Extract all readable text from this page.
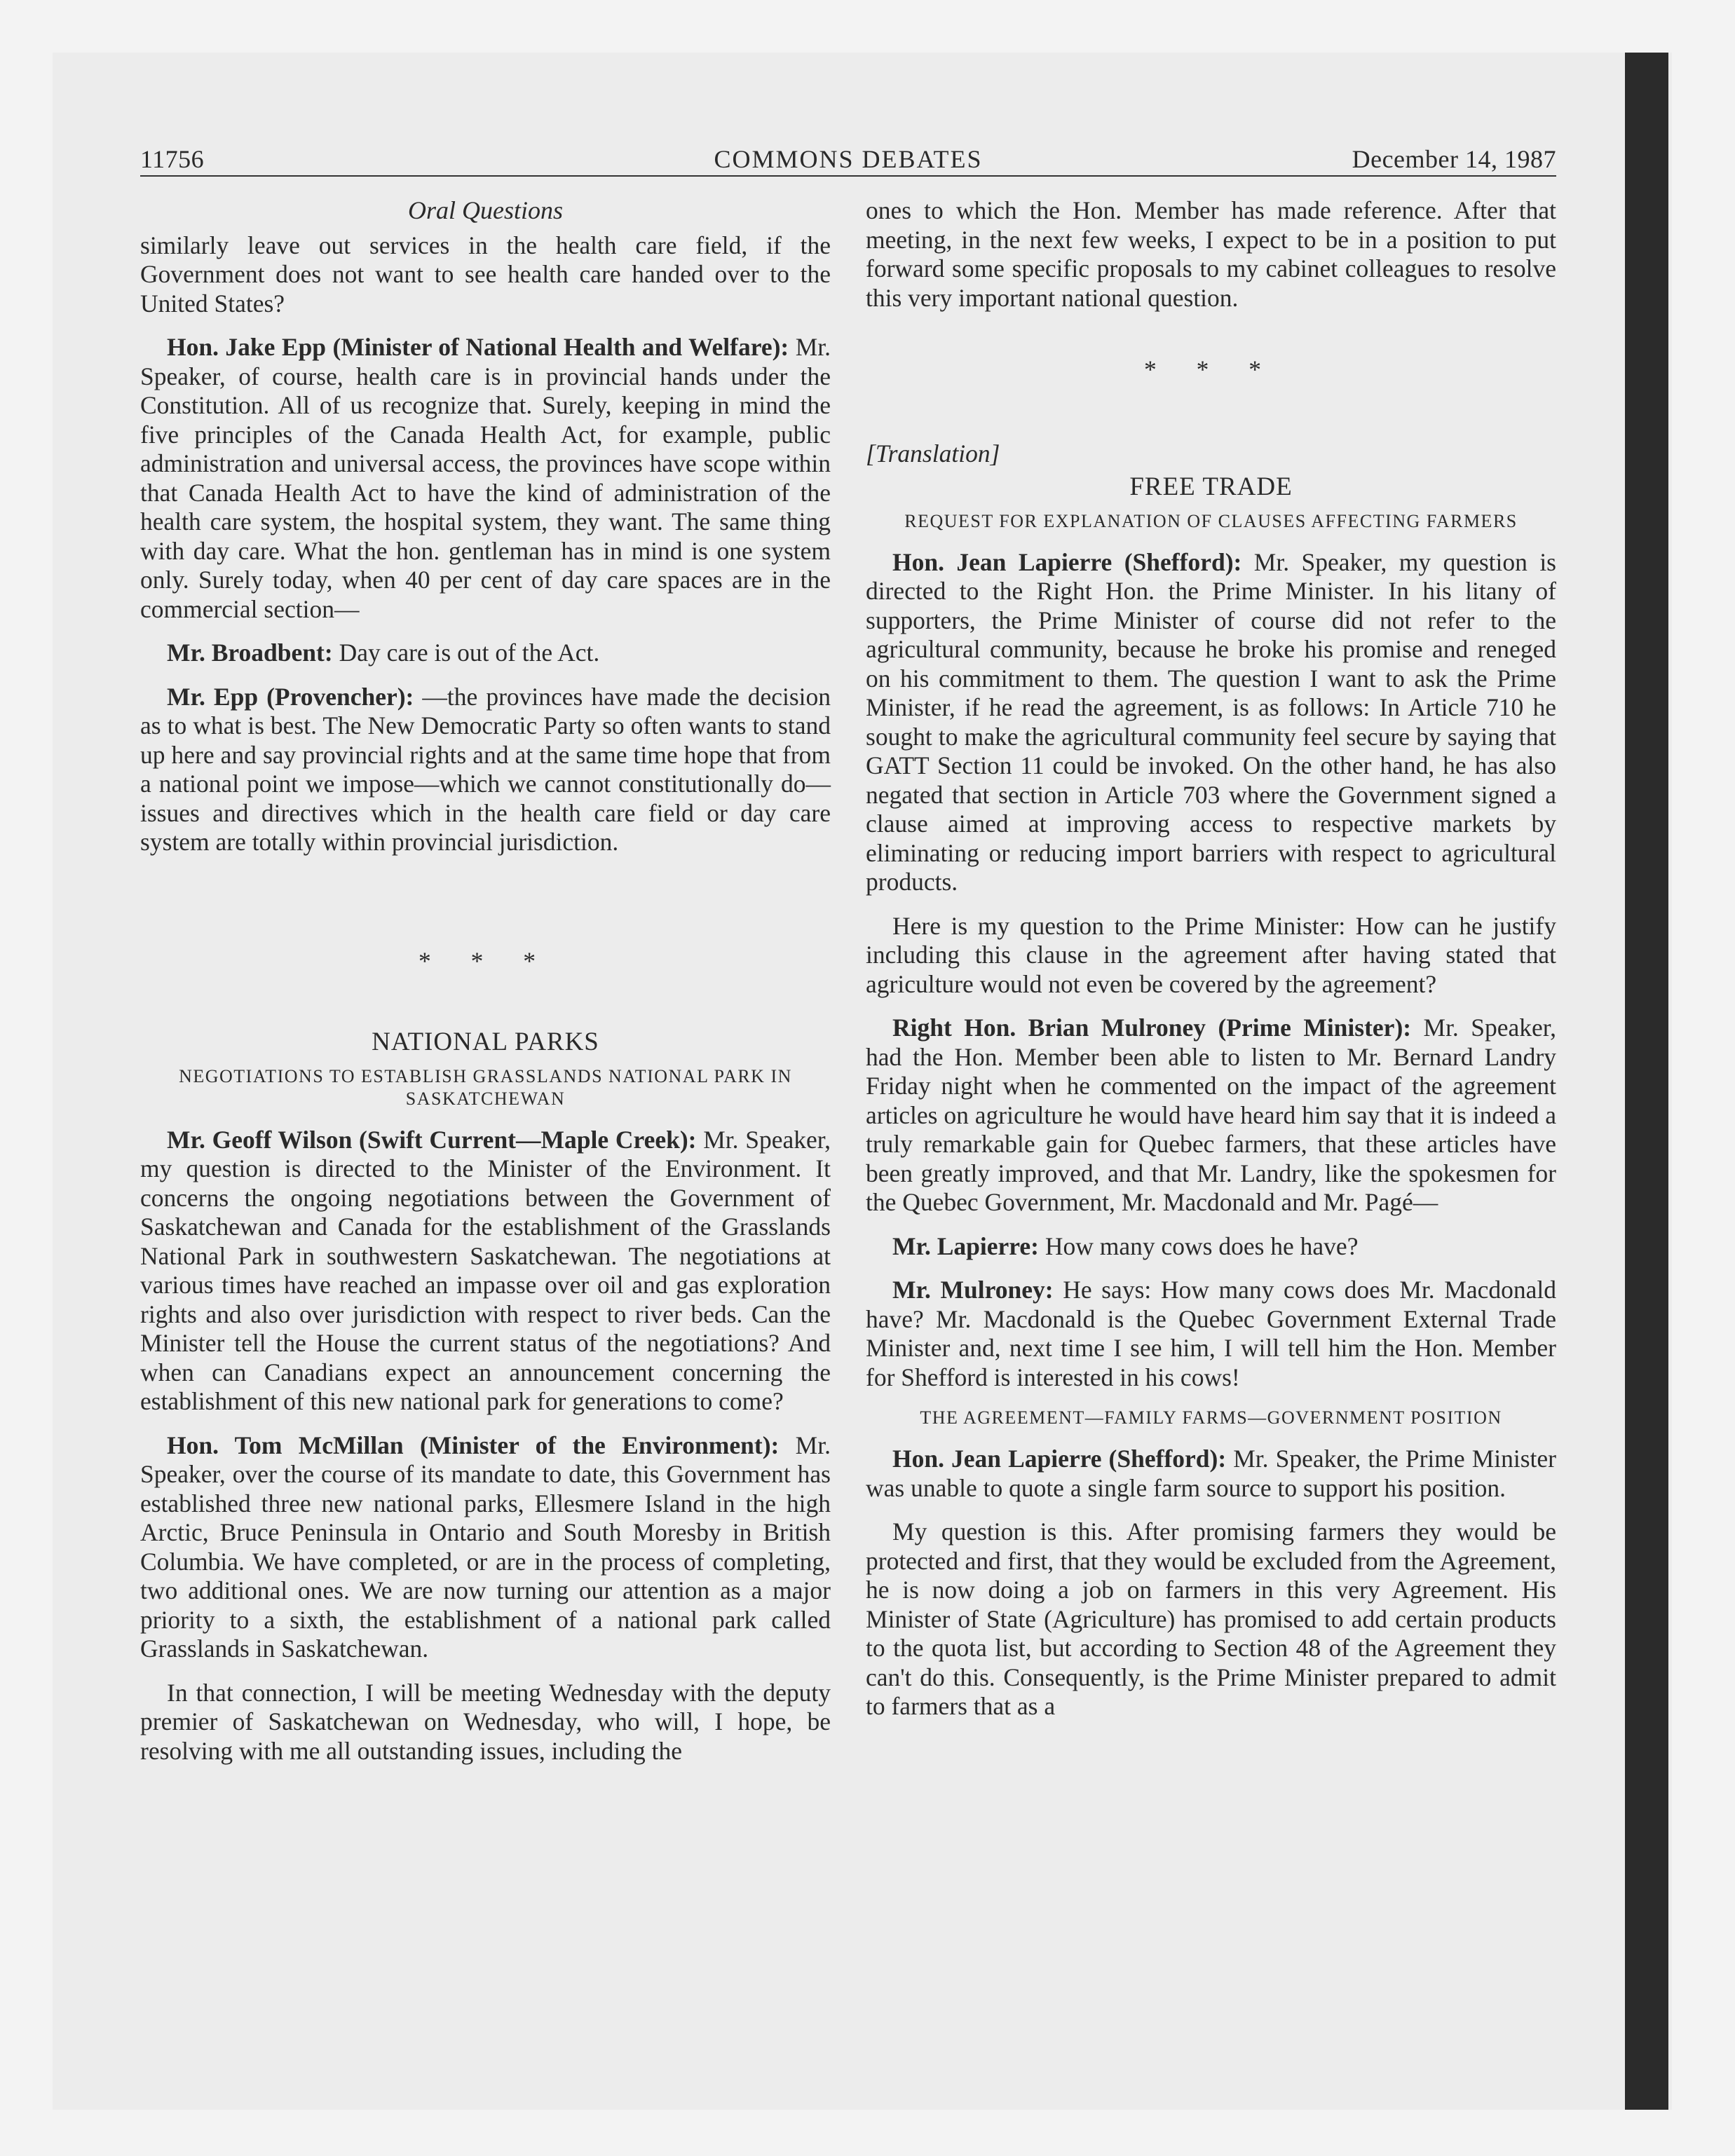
11756	COMMONS DEBATES	December 14, 1987
Oral Questions

similarly leave out services in the health care field, if the Government does not want to see health care handed over to the United States?

Hon. Jake Epp (Minister of National Health and Welfare): Mr. Speaker, of course, health care is in provincial hands under the Constitution. All of us recognize that. Surely, keeping in mind the five principles of the Canada Health Act, for example, public administration and universal access, the provinces have scope within that Canada Health Act to have the kind of administration of the health care system, the hospital system, they want. The same thing with day care. What the hon. gentleman has in mind is one system only. Surely today, when 40 per cent of day care spaces are in the commercial section—

Mr. Broadbent: Day care is out of the Act.

Mr. Epp (Provencher): —the provinces have made the decision as to what is best. The New Democratic Party so often wants to stand up here and say provincial rights and at the same time hope that from a national point we impose—which we cannot constitutionally do—issues and directives which in the health care field or day care system are totally within provincial jurisdiction.

* * *
NATIONAL PARKS
NEGOTIATIONS TO ESTABLISH GRASSLANDS NATIONAL PARK IN SASKATCHEWAN

Mr. Geoff Wilson (Swift Current—Maple Creek): Mr. Speaker, my question is directed to the Minister of the Environment. It concerns the ongoing negotiations between the Government of Saskatchewan and Canada for the establishment of the Grasslands National Park in southwestern Saskatchewan. The negotiations at various times have reached an impasse over oil and gas exploration rights and also over jurisdiction with respect to river beds. Can the Minister tell the House the current status of the negotiations? And when can Canadians expect an announcement concerning the establishment of this new national park for generations to come?

Hon. Tom McMillan (Minister of the Environment): Mr. Speaker, over the course of its mandate to date, this Government has established three new national parks, Ellesmere Island in the high Arctic, Bruce Peninsula in Ontario and South Moresby in British Columbia. We have completed, or are in the process of completing, two additional ones. We are now turning our attention as a major priority to a sixth, the establishment of a national park called Grasslands in Saskatchewan.

In that connection, I will be meeting Wednesday with the deputy premier of Saskatchewan on Wednesday, who will, I hope, be resolving with me all outstanding issues, including the

ones to which the Hon. Member has made reference. After that meeting, in the next few weeks, I expect to be in a position to put forward some specific proposals to my cabinet colleagues to resolve this very important national question.

* * *
[Translation]
FREE TRADE
REQUEST FOR EXPLANATION OF CLAUSES AFFECTING FARMERS

Hon. Jean Lapierre (Shefford): Mr. Speaker, my question is directed to the Right Hon. the Prime Minister. In his litany of supporters, the Prime Minister of course did not refer to the agricultural community, because he broke his promise and reneged on his commitment to them. The question I want to ask the Prime Minister, if he read the agreement, is as follows: In Article 710 he sought to make the agricultural community feel secure by saying that GATT Section 11 could be invoked. On the other hand, he has also negated that section in Article 703 where the Government signed a clause aimed at improving access to respective markets by eliminating or reducing import barriers with respect to agricultural products.

Here is my question to the Prime Minister: How can he justify including this clause in the agreement after having stated that agriculture would not even be covered by the agreement?

Right Hon. Brian Mulroney (Prime Minister): Mr. Speaker, had the Hon. Member been able to listen to Mr. Bernard Landry Friday night when he commented on the impact of the agreement articles on agriculture he would have heard him say that it is indeed a truly remarkable gain for Quebec farmers, that these articles have been greatly improved, and that Mr. Landry, like the spokesmen for the Quebec Government, Mr. Macdonald and Mr. Pagé—

Mr. Lapierre: How many cows does he have?

Mr. Mulroney: He says: How many cows does Mr. Macdonald have? Mr. Macdonald is the Quebec Government External Trade Minister and, next time I see him, I will tell him the Hon. Member for Shefford is interested in his cows!

THE AGREEMENT—FAMILY FARMS—GOVERNMENT POSITION

Hon. Jean Lapierre (Shefford): Mr. Speaker, the Prime Minister was unable to quote a single farm source to support his position.

My question is this. After promising farmers they would be protected and first, that they would be excluded from the Agreement, he is now doing a job on farmers in this very Agreement. His Minister of State (Agriculture) has promised to add certain products to the quota list, but according to Section 48 of the Agreement they can't do this. Consequently, is the Prime Minister prepared to admit to farmers that as a
